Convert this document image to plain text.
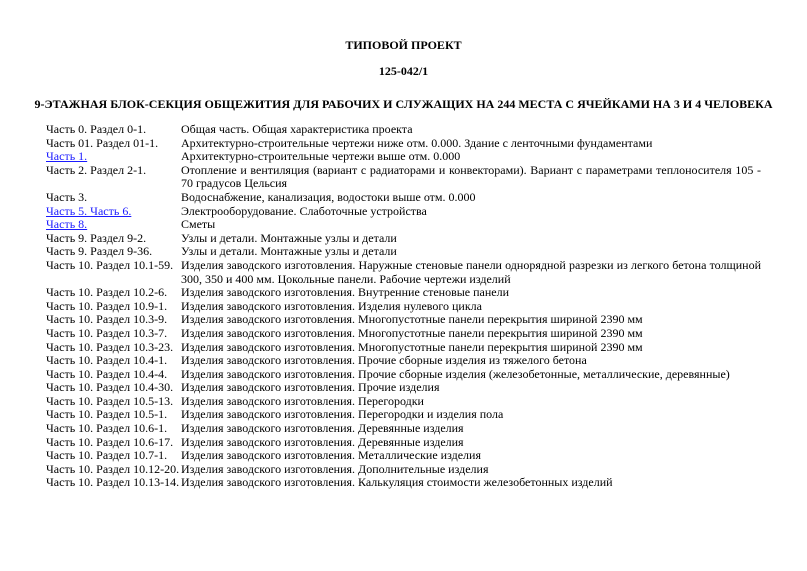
ТИПОВОЙ ПРОЕКТ
125-042/1
9-ЭТАЖНАЯ БЛОК-СЕКЦИЯ ОБЩЕЖИТИЯ ДЛЯ РАБОЧИХ И СЛУЖАЩИХ НА 244 МЕСТА С ЯЧЕЙКАМИ НА 3 И 4 ЧЕЛОВЕКА
Часть 0. Раздел 0-1.	Общая часть. Общая характеристика проекта
Часть 01. Раздел 01-1.	Архитектурно-строительные чертежи ниже отм. 0.000. Здание с ленточными фундаментами
Часть 1.	Архитектурно-строительные чертежи выше отм. 0.000
Часть 2. Раздел 2-1.	Отопление и вентиляция (вариант с радиаторами и конвекторами). Вариант с параметрами теплоносителя 105 - 70 градусов Цельсия
Часть 3.	Водоснабжение, канализация, водостоки выше отм. 0.000
Часть 5. Часть 6.	Электрооборудование. Слаботочные устройства
Часть 8.	Сметы
Часть 9. Раздел 9-2.	Узлы и детали. Монтажные узлы и детали
Часть 9. Раздел 9-36.	Узлы и детали. Монтажные узлы и детали
Часть 10. Раздел 10.1-59. Изделия заводского изготовления. Наружные стеновые панели однорядной разрезки из легкого бетона толщиной 300, 350 и 400 мм. Цокольные панели. Рабочие чертежи изделий
Часть 10. Раздел 10.2-6.	Изделия заводского изготовления. Внутренние стеновые панели
Часть 10. Раздел 10.9-1.	Изделия заводского изготовления. Изделия нулевого цикла
Часть 10. Раздел 10.3-9.	Изделия заводского изготовления. Многопустотные панели перекрытия шириной 2390 мм
Часть 10. Раздел 10.3-7.	Изделия заводского изготовления. Многопустотные панели перекрытия шириной 2390 мм
Часть 10. Раздел 10.3-23. Изделия заводского изготовления. Многопустотные панели перекрытия шириной 2390 мм
Часть 10. Раздел 10.4-1.	Изделия заводского изготовления. Прочие сборные изделия из тяжелого бетона
Часть 10. Раздел 10.4-4.	Изделия заводского изготовления. Прочие сборные изделия (железобетонные, металлические, деревянные)
Часть 10. Раздел 10.4-30. Изделия заводского изготовления. Прочие изделия
Часть 10. Раздел 10.5-13. Изделия заводского изготовления. Перегородки
Часть 10. Раздел 10.5-1.	Изделия заводского изготовления. Перегородки и изделия пола
Часть 10. Раздел 10.6-1.	Изделия заводского изготовления. Деревянные изделия
Часть 10. Раздел 10.6-17. Изделия заводского изготовления. Деревянные изделия
Часть 10. Раздел 10.7-1.	Изделия заводского изготовления. Металлические изделия
Часть 10. Раздел 10.12-20. Изделия заводского изготовления. Дополнительные изделия
Часть 10. Раздел 10.13-14. Изделия заводского изготовления. Калькуляция стоимости железобетонных изделий
